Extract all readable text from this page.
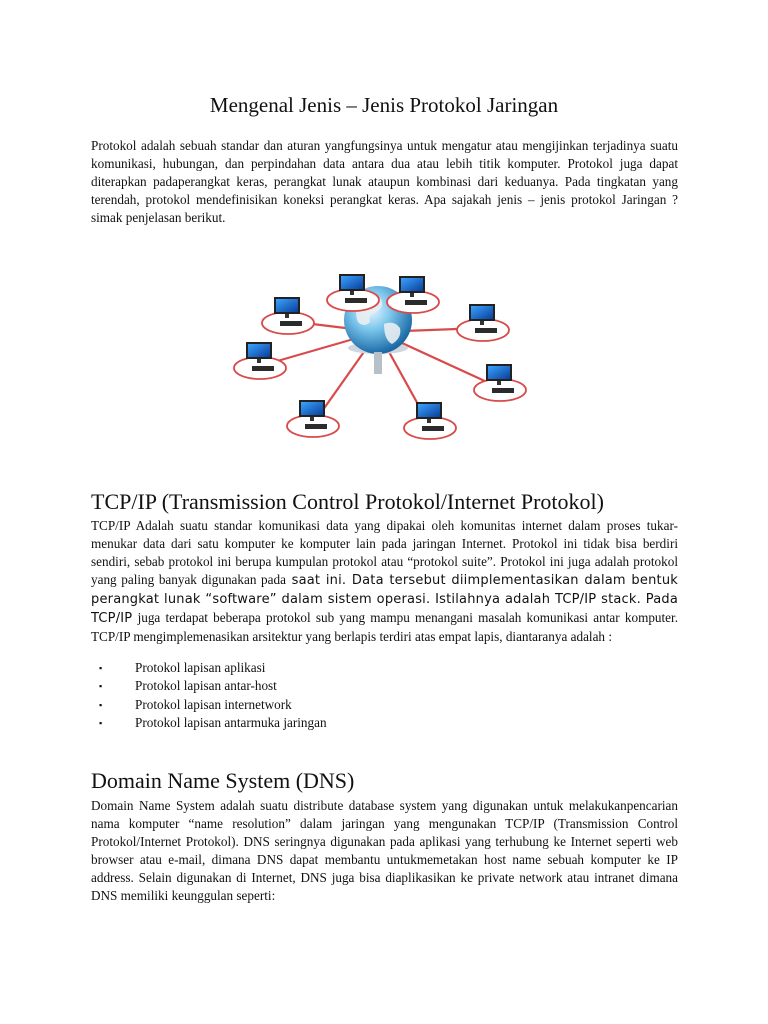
Mengenal Jenis – Jenis Protokol Jaringan

Protokol adalah sebuah standar dan aturan yangfungsinya untuk mengatur atau mengijinkan terjadinya suatu komunikasi, hubungan, dan perpindahan data antara dua atau lebih titik komputer. Protokol juga dapat diterapkan padaperangkat keras, perangkat lunak ataupun kombinasi dari keduanya. Pada tingkatan yang terendah, protokol mendefinisikan koneksi perangkat keras. Apa sajakah jenis – jenis protokol Jaringan ? simak penjelasan berikut.

TCP/IP (Transmission Control Protokol/Internet Protokol)

TCP/IP Adalah suatu standar komunikasi data yang dipakai oleh komunitas internet dalam proses tukar-menukar data dari satu komputer ke komputer lain pada jaringan Internet. Protokol ini tidak bisa berdiri sendiri, sebab protokol ini berupa kumpulan protokol atau “protokol suite”. Protokol ini juga adalah protokol yang paling banyak digunakan pada saat ini. Data tersebut diimplementasikan dalam bentuk perangkat lunak “software” dalam sistem operasi. Istilahnya adalah TCP/IP stack. Pada TCP/IP juga terdapat beberapa protokol sub yang mampu menangani masalah komunikasi antar komputer. TCP/IP mengimplemenasikan arsitektur yang berlapis terdiri atas empat lapis, diantaranya adalah :

▪ Protokol lapisan aplikasi
▪ Protokol lapisan antar-host
▪ Protokol lapisan internetwork
▪ Protokol lapisan antarmuka jaringan
Domain Name System (DNS)

Domain Name System adalah suatu distribute database system yang digunakan untuk melakukanpencarian nama komputer “name resolution” dalam jaringan yang mengunakan TCP/IP (Transmission Control Protokol/Internet Protokol). DNS seringnya digunakan pada aplikasi yang terhubung ke Internet seperti web browser atau e-mail, dimana DNS dapat membantu untukmemetakan host name sebuah komputer ke IP address. Selain digunakan di Internet, DNS juga bisa diaplikasikan ke private network atau intranet dimana DNS memiliki keunggulan seperti:
